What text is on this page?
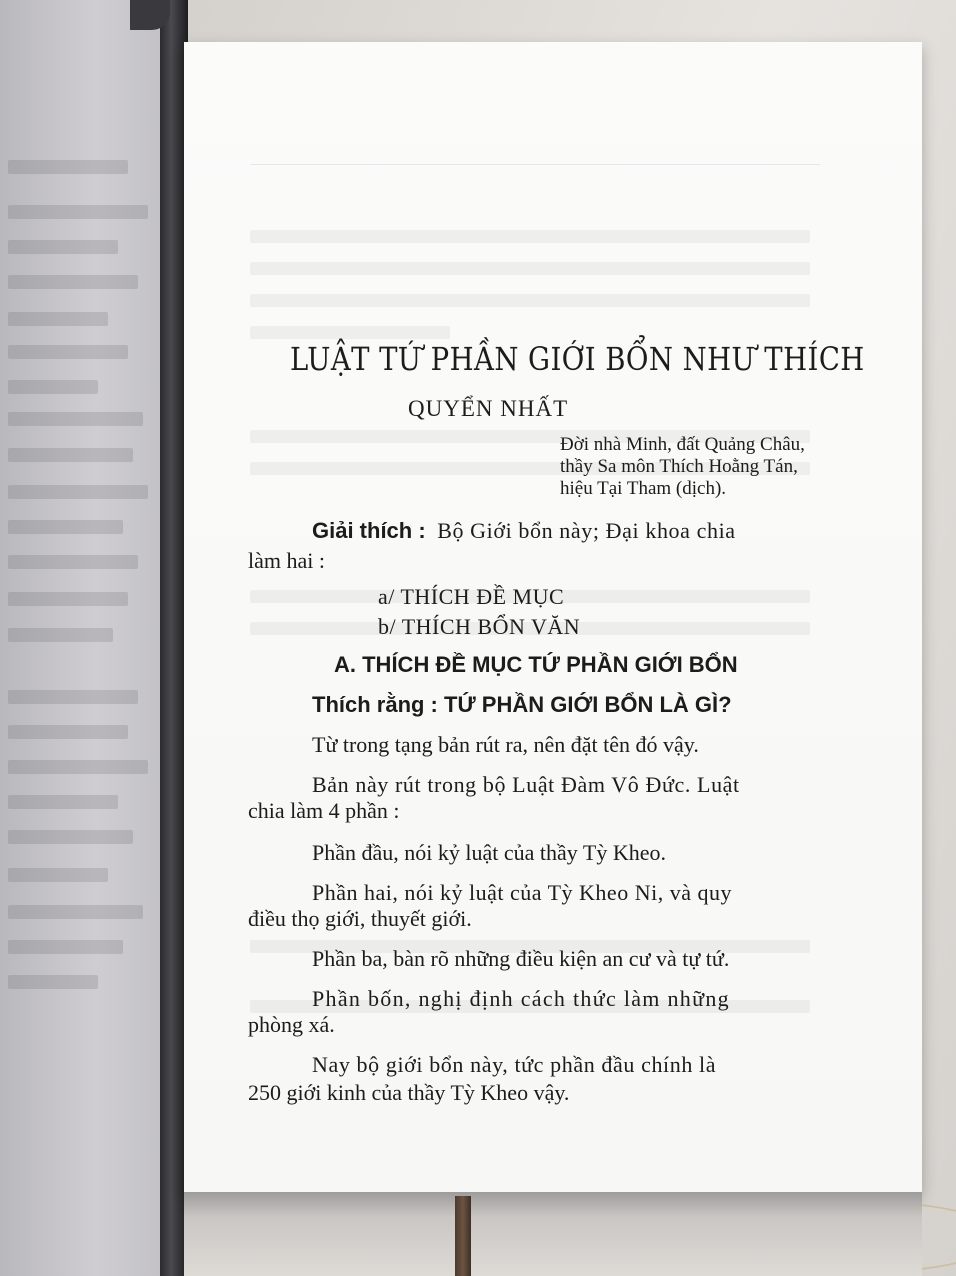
LUẬT TỨ PHẦN GIỚI BỔN NHƯ THÍCH
QUYỂN NHẤT
Đời nhà Minh, đất Quảng Châu,
thầy Sa môn Thích Hoằng Tán,
hiệu Tại Tham (dịch).
Giải thích : Bộ Giới bổn này; Đại khoa chia
làm hai :
a/ THÍCH ĐỀ MỤC
b/ THÍCH BỔN VĂN
A. THÍCH ĐỀ MỤC TỨ PHẦN GIỚI BỔN
Thích rằng : TỨ PHẦN GIỚI BỔN LÀ GÌ?
Từ trong tạng bản rút ra, nên đặt tên đó vậy.
Bản này rút trong bộ Luật Đàm Vô Đức. Luật
chia làm 4 phần :
Phần đầu, nói kỷ luật của thầy Tỳ Kheo.
Phần hai, nói kỷ luật của Tỳ Kheo Ni, và quy
điều thọ giới, thuyết giới.
Phần ba, bàn rõ những điều kiện an cư và tự tứ.
Phần bốn, nghị định cách thức làm những
phòng xá.
Nay bộ giới bổn này, tức phần đầu chính là
250 giới kinh của thầy Tỳ Kheo vậy.
